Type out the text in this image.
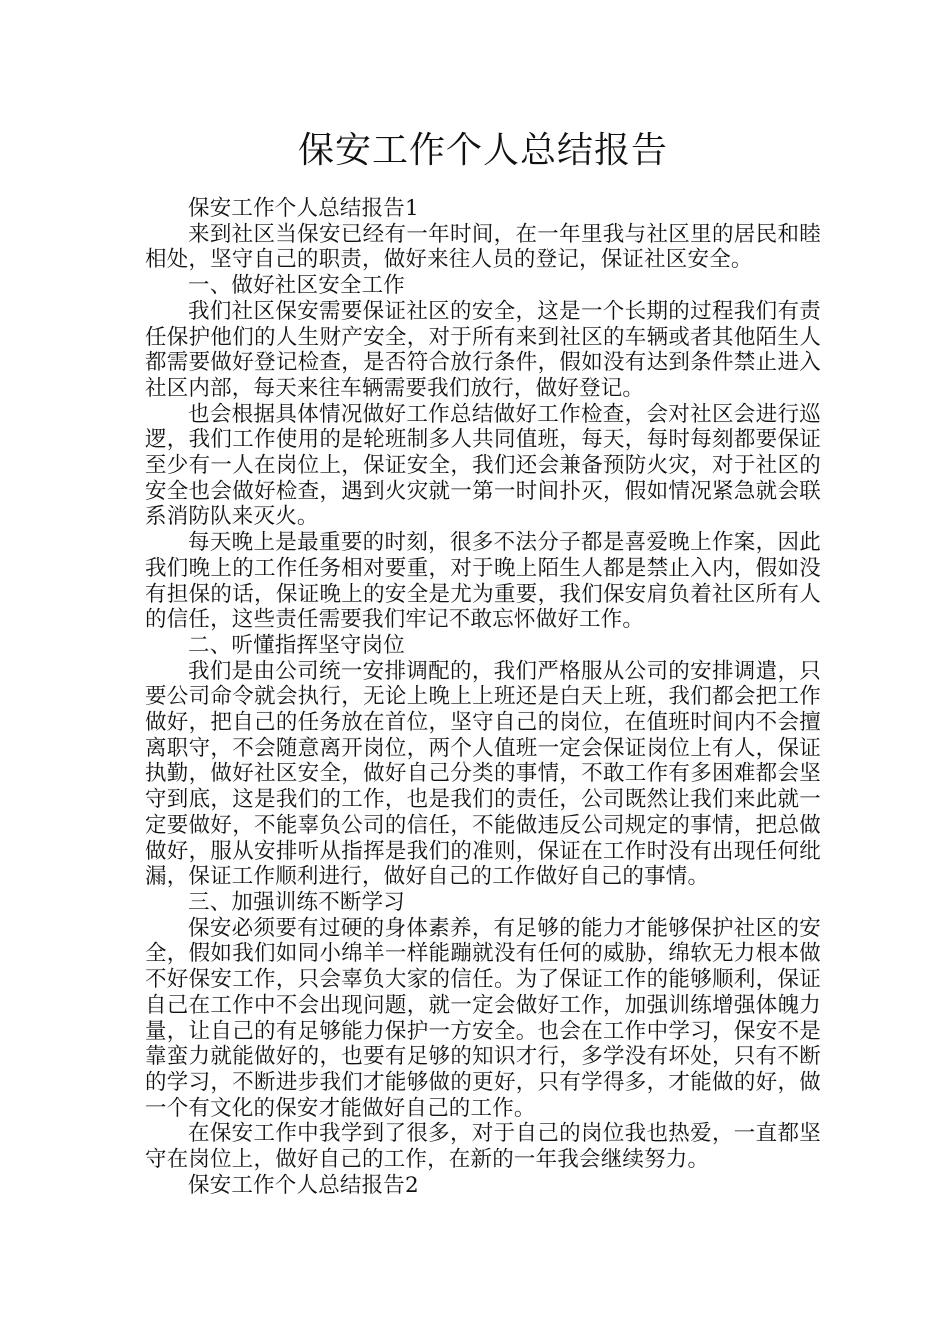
保安工作个人总结报告

保安工作个人总结报告1

来到社区当保安已经有一年时间，在一年里我与社区里的居民和睦相处，坚守自己的职责，做好来往人员的登记，保证社区安全。

一、做好社区安全工作

我们社区保安需要保证社区的安全，这是一个长期的过程我们有责任保护他们的人生财产安全，对于所有来到社区的车辆或者其他陌生人都需要做好登记检查，是否符合放行条件，假如没有达到条件禁止进入社区内部，每天来往车辆需要我们放行，做好登记。

也会根据具体情况做好工作总结做好工作检查，会对社区会进行巡逻，我们工作使用的是轮班制多人共同值班，每天，每时每刻都要保证至少有一人在岗位上，保证安全，我们还会兼备预防火灾，对于社区的安全也会做好检查，遇到火灾就一第一时间扑灭，假如情况紧急就会联系消防队来灭火。

每天晚上是最重要的时刻，很多不法分子都是喜爱晚上作案，因此我们晚上的工作任务相对要重，对于晚上陌生人都是禁止入内，假如没有担保的话，保证晚上的安全是尤为重要，我们保安肩负着社区所有人的信任，这些责任需要我们牢记不敢忘怀做好工作。

二、听懂指挥坚守岗位

我们是由公司统一安排调配的，我们严格服从公司的安排调遣，只要公司命令就会执行，无论上晚上上班还是白天上班，我们都会把工作做好，把自己的任务放在首位，坚守自己的岗位，在值班时间内不会擅离职守，不会随意离开岗位，两个人值班一定会保证岗位上有人，保证执勤，做好社区安全，做好自己分类的事情，不敢工作有多困难都会坚守到底，这是我们的工作，也是我们的责任，公司既然让我们来此就一定要做好，不能辜负公司的信任，不能做违反公司规定的事情，把总做做好，服从安排听从指挥是我们的准则，保证在工作时没有出现任何纰漏，保证工作顺利进行，做好自己的工作做好自己的事情。

三、加强训练不断学习

保安必须要有过硬的身体素养，有足够的能力才能够保护社区的安全，假如我们如同小绵羊一样能蹦就没有任何的威胁，绵软无力根本做不好保安工作，只会辜负大家的信任。为了保证工作的能够顺利，保证自己在工作中不会出现问题，就一定会做好工作，加强训练增强体魄力量，让自己的有足够能力保护一方安全。也会在工作中学习，保安不是靠蛮力就能做好的，也要有足够的知识才行，多学没有坏处，只有不断的学习，不断进步我们才能够做的更好，只有学得多，才能做的好，做一个有文化的保安才能做好自己的工作。

在保安工作中我学到了很多，对于自己的岗位我也热爱，一直都坚守在岗位上，做好自己的工作，在新的一年我会继续努力。

保安工作个人总结报告2
